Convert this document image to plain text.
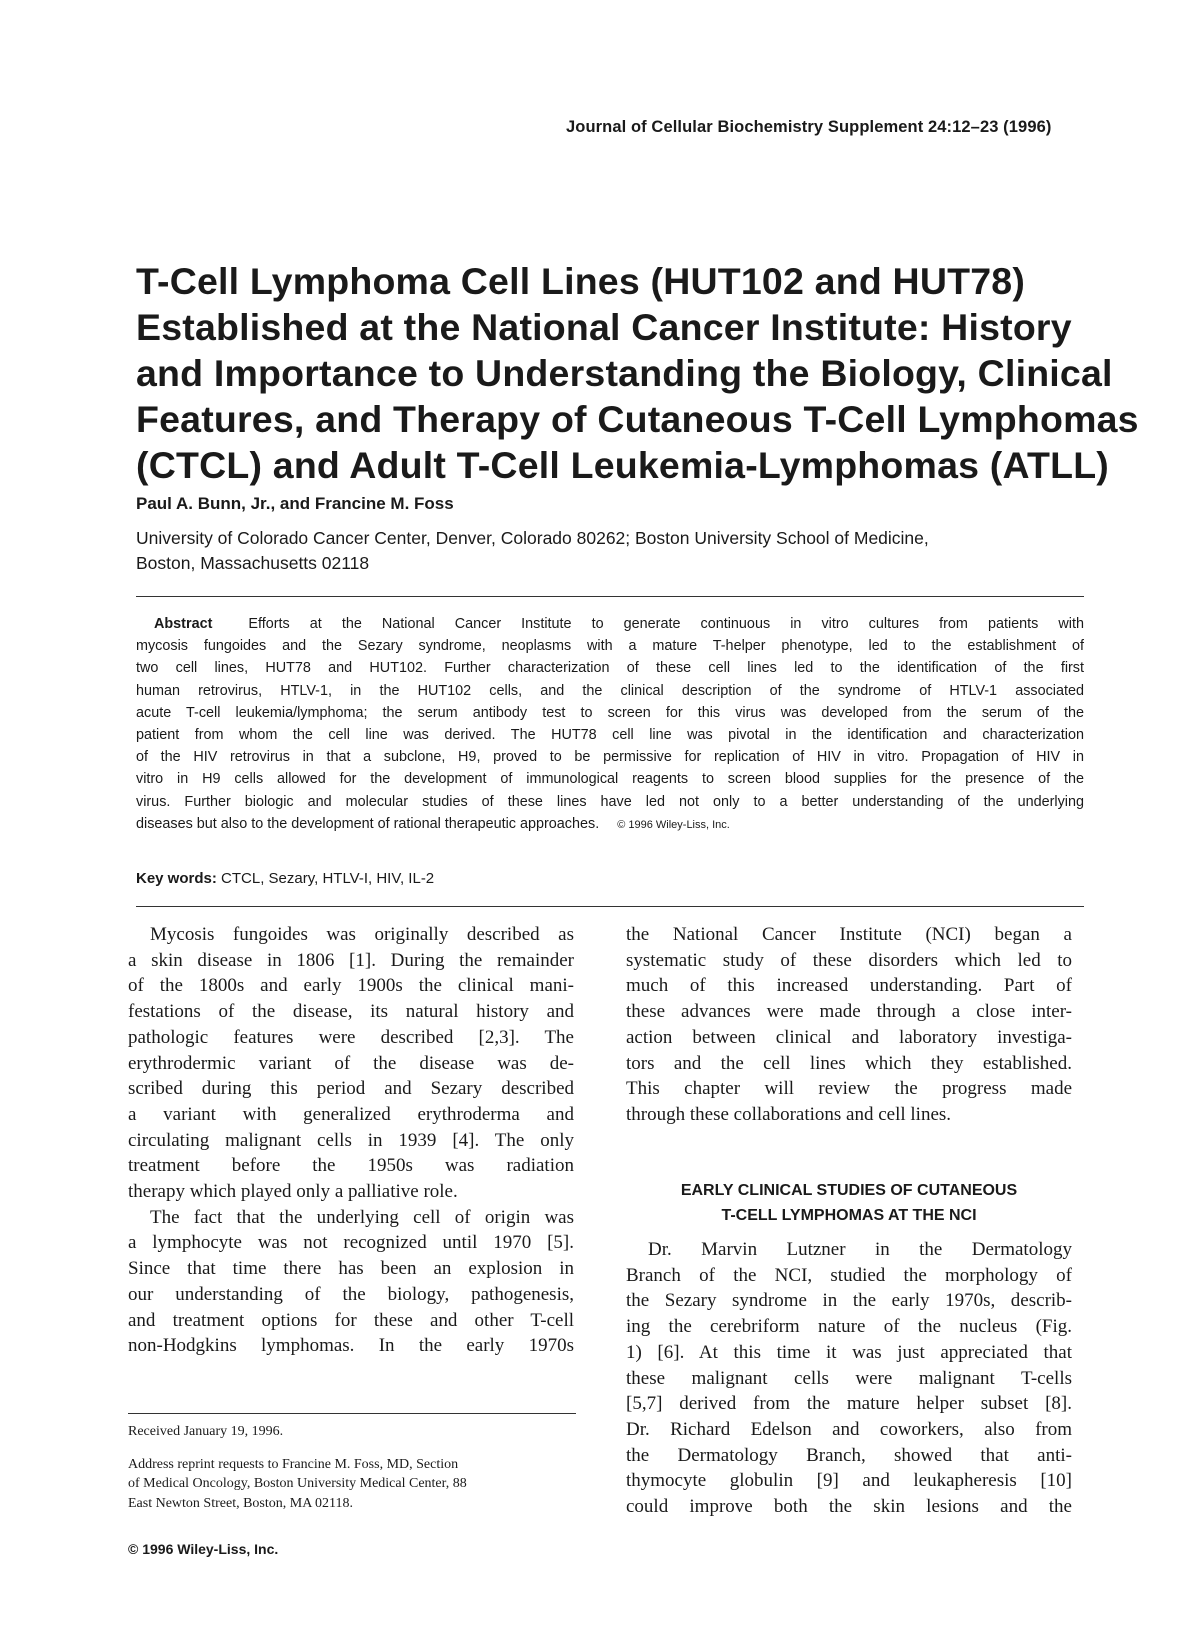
Journal of Cellular Biochemistry Supplement 24:12–23 (1996)
T-Cell Lymphoma Cell Lines (HUT102 and HUT78)
Established at the National Cancer Institute: History
and Importance to Understanding the Biology, Clinical
Features, and Therapy of Cutaneous T-Cell Lymphomas
(CTCL) and Adult T-Cell Leukemia-Lymphomas (ATLL)
Paul A. Bunn, Jr., and Francine M. Foss
University of Colorado Cancer Center, Denver, Colorado 80262; Boston University School of Medicine,
Boston, Massachusetts 02118
Abstract	Efforts at the National Cancer Institute to generate continuous in vitro cultures from patients with
mycosis fungoides and the Sezary syndrome, neoplasms with a mature T-helper phenotype, led to the establishment of
two cell lines, HUT78 and HUT102. Further characterization of these cell lines led to the identification of the first
human retrovirus, HTLV-1, in the HUT102 cells, and the clinical description of the syndrome of HTLV-1 associated
acute T-cell leukemia/lymphoma; the serum antibody test to screen for this virus was developed from the serum of the
patient from whom the cell line was derived. The HUT78 cell line was pivotal in the identification and characterization
of the HIV retrovirus in that a subclone, H9, proved to be permissive for replication of HIV in vitro. Propagation of HIV in
vitro in H9 cells allowed for the development of immunological reagents to screen blood supplies for the presence of the
virus. Further biologic and molecular studies of these lines have led not only to a better understanding of the underlying
diseases but also to the development of rational therapeutic approaches. © 1996 Wiley-Liss, Inc.
Key words: CTCL, Sezary, HTLV-I, HIV, IL-2
Mycosis fungoides was originally described as
a skin disease in 1806 [1]. During the remainder
of the 1800s and early 1900s the clinical mani-
festations of the disease, its natural history and
pathologic features were described [2,3]. The
erythrodermic variant of the disease was de-
scribed during this period and Sezary described
a variant with generalized erythroderma and
circulating malignant cells in 1939 [4]. The only
treatment before the 1950s was radiation
therapy which played only a palliative role.
The fact that the underlying cell of origin was
a lymphocyte was not recognized until 1970 [5].
Since that time there has been an explosion in
our understanding of the biology, pathogenesis,
and treatment options for these and other T-cell
non-Hodgkins lymphomas. In the early 1970s
the National Cancer Institute (NCI) began a
systematic study of these disorders which led to
much of this increased understanding. Part of
these advances were made through a close inter-
action between clinical and laboratory investiga-
tors and the cell lines which they established.
This chapter will review the progress made
through these collaborations and cell lines.
EARLY CLINICAL STUDIES OF CUTANEOUS
T-CELL LYMPHOMAS AT THE NCI
Dr. Marvin Lutzner in the Dermatology
Branch of the NCI, studied the morphology of
the Sezary syndrome in the early 1970s, describ-
ing the cerebriform nature of the nucleus (Fig.
1) [6]. At this time it was just appreciated that
these malignant cells were malignant T-cells
[5,7] derived from the mature helper subset [8].
Dr. Richard Edelson and coworkers, also from
the Dermatology Branch, showed that anti-
thymocyte globulin [9] and leukapheresis [10]
could improve both the skin lesions and the
Received January 19, 1996.
Address reprint requests to Francine M. Foss, MD, Section
of Medical Oncology, Boston University Medical Center, 88
East Newton Street, Boston, MA 02118.
© 1996 Wiley-Liss, Inc.
